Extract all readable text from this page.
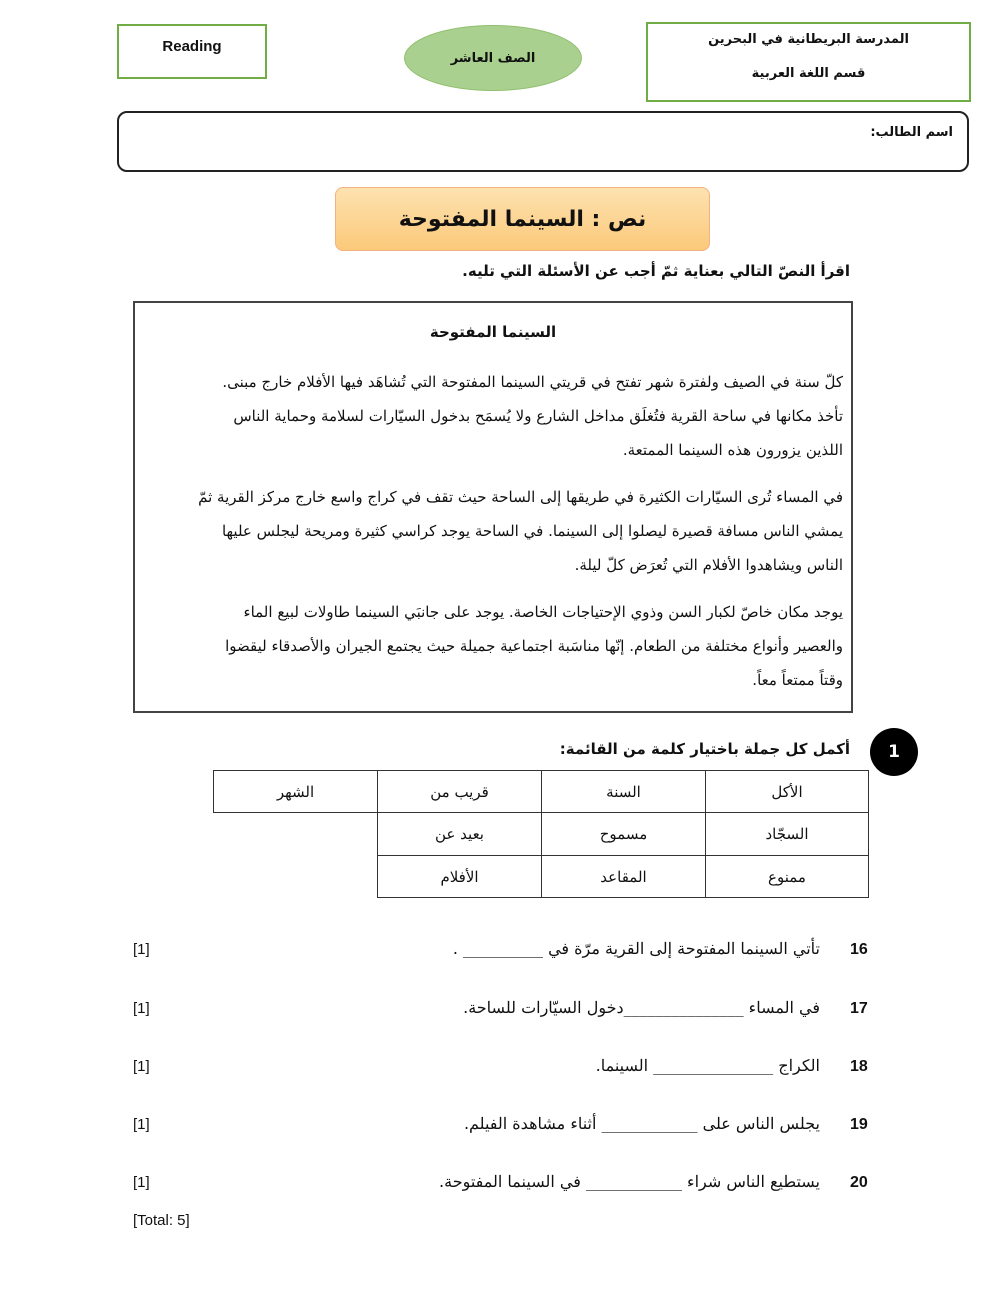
Reading
الصف العاشر
المدرسة البريطانية في البحرين
قسم اللغة العربية
اسم الطالب:
نص : السينما المفتوحة
اقرأ النصّ التالي بعناية ثمّ أجب عن الأسئلة التي تليه.
السينما المفتوحة
كلّ سنة في الصيف ولفترة شهر تفتح في قريتي السينما المفتوحة التي تُشاهَد فيها الأفلام خارج مبنى.
تأخذ مكانها في ساحة القرية فتُغلَق مداخل الشارع ولا يُسمَح بدخول السيّارات لسلامة وحماية الناس
اللذين يزورون هذه السينما الممتعة.
في المساء تُرى السيّارات الكثيرة في طريقها إلى الساحة حيث تقف في كراج واسع خارج مركز القرية ثمّ
يمشي الناس مسافة قصيرة ليصلوا إلى السينما. في الساحة يوجد كراسي كثيرة ومريحة ليجلس عليها
الناس ويشاهدوا الأفلام التي تُعرَض كلّ ليلة.
يوجد مكان خاصّ لكبار السن وذوي الإحتياجات الخاصة. يوجد على جانبَي السينما طاولات لبيع الماء
والعصير وأنواع مختلفة من الطعام. إنّها مناسَبة اجتماعية جميلة حيث يجتمع الجيران والأصدقاء ليقضوا
وقتاً ممتعاً معاً.
أكمل كل جملة باختيار كلمة من القائمة:	1
الأكل
السنة
قريب من
الشهر
السجّاد
مسموح
بعيد عن
ممنوع
المقاعد
الأفلام
16
تأتي السينما المفتوحة إلى القرية مرّة في __________ .
[1]
17
في المساء _______________دخول السيّارات للساحة.
[1]
18
الكراج _______________ السينما.
[1]
19
يجلس الناس على ____________ أثناء مشاهدة الفيلم.
[1]
20
يستطيع الناس شراء ____________ في السينما المفتوحة.
[1]
[Total: 5]
